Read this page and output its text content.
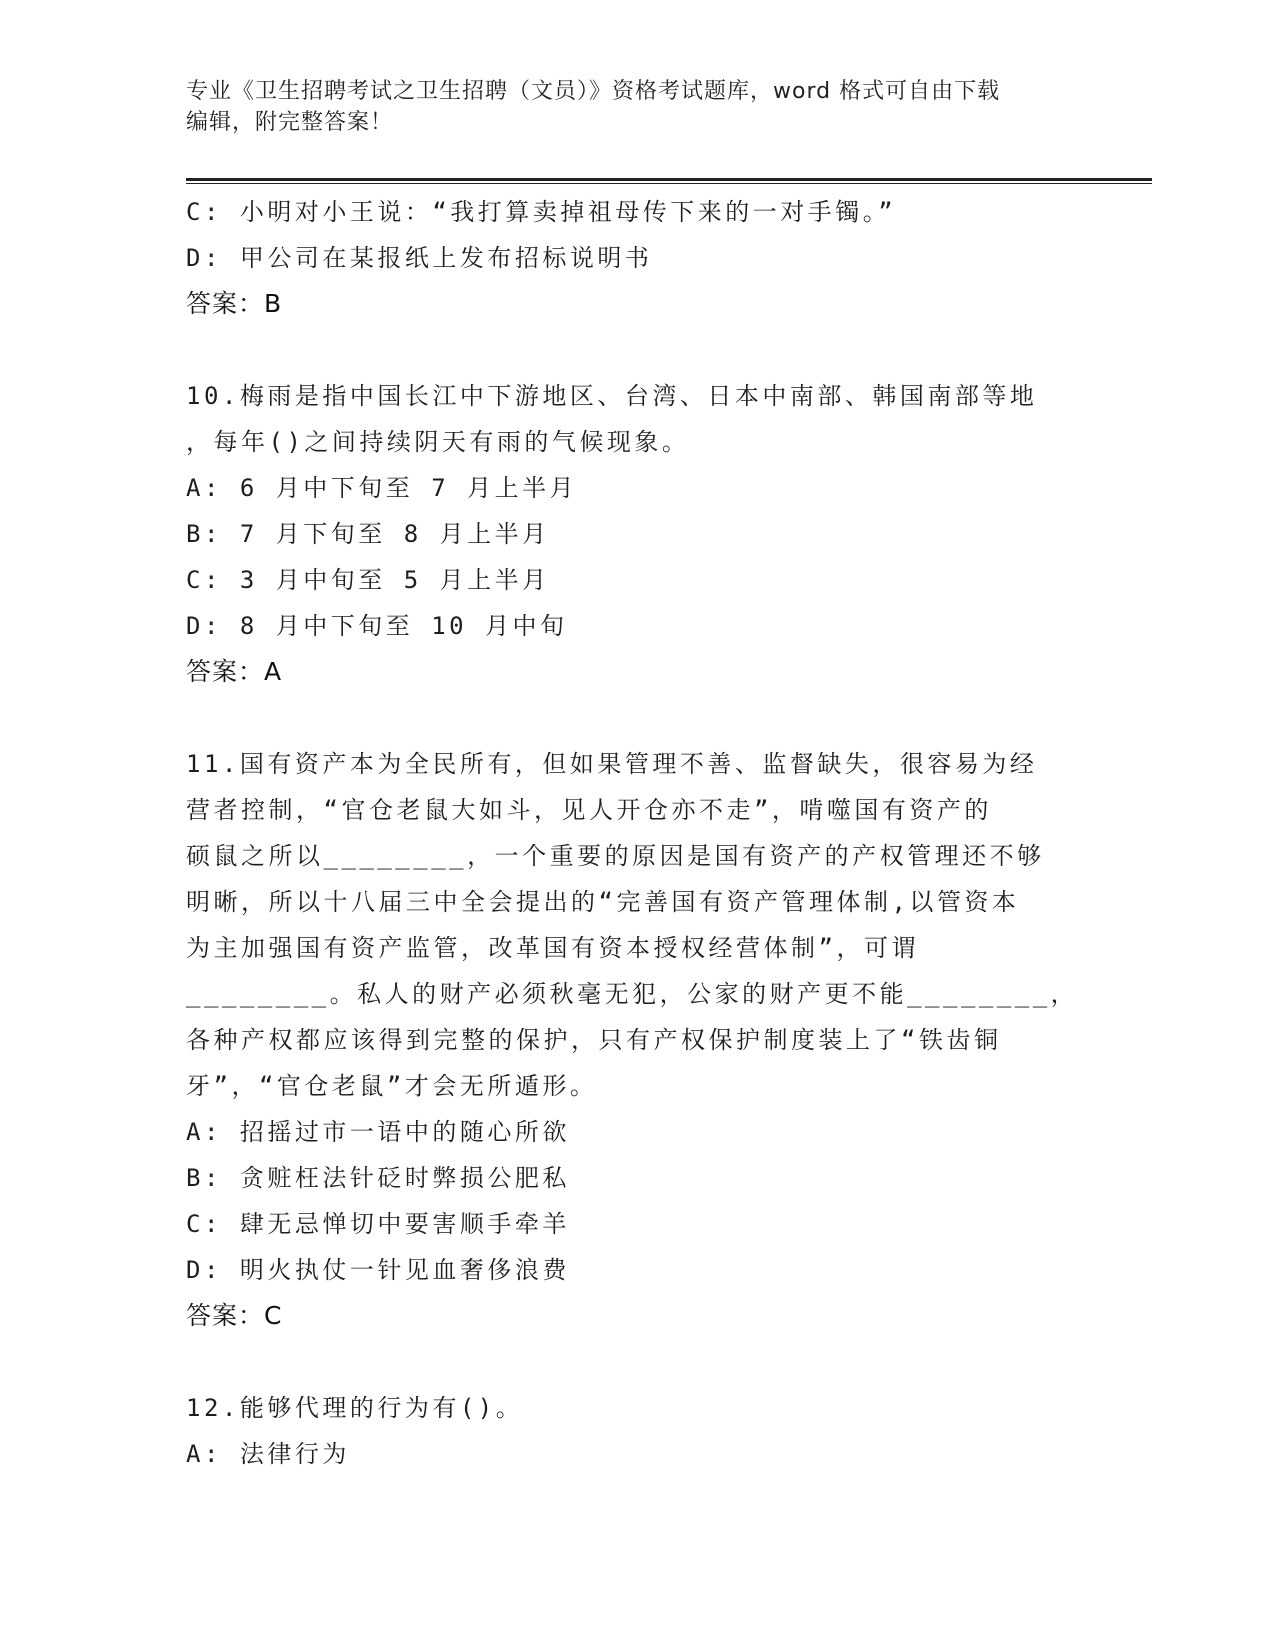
专业《卫生招聘考试之卫生招聘（文员）》资格考试题库，word 格式可自由下载
编辑，附完整答案！
C: 小明对小王说：“我打算卖掉祖母传下来的一对手镯。”
D: 甲公司在某报纸上发布招标说明书
答案：B
10.梅雨是指中国长江中下游地区、台湾、日本中南部、韩国南部等地
，每年()之间持续阴天有雨的气候现象。
A: 6 月中下旬至 7 月上半月
B: 7 月下旬至 8 月上半月
C: 3 月中旬至 5 月上半月
D: 8 月中下旬至 10 月中旬
答案：A
11.国有资产本为全民所有，但如果管理不善、监督缺失，很容易为经
营者控制，“官仓老鼠大如斗，见人开仓亦不走”，啃噬国有资产的
硕鼠之所以________，一个重要的原因是国有资产的产权管理还不够
明晰，所以十八届三中全会提出的“完善国有资产管理体制,以管资本
为主加强国有资产监管，改革国有资本授权经营体制”，可谓
________。私人的财产必须秋毫无犯，公家的财产更不能________，
各种产权都应该得到完整的保护，只有产权保护制度装上了“铁齿铜
牙”，“官仓老鼠”才会无所遁形。
A: 招摇过市一语中的随心所欲
B: 贪赃枉法针砭时弊损公肥私
C: 肆无忌惮切中要害顺手牵羊
D: 明火执仗一针见血奢侈浪费
答案：C
12.能够代理的行为有()。
A: 法律行为
